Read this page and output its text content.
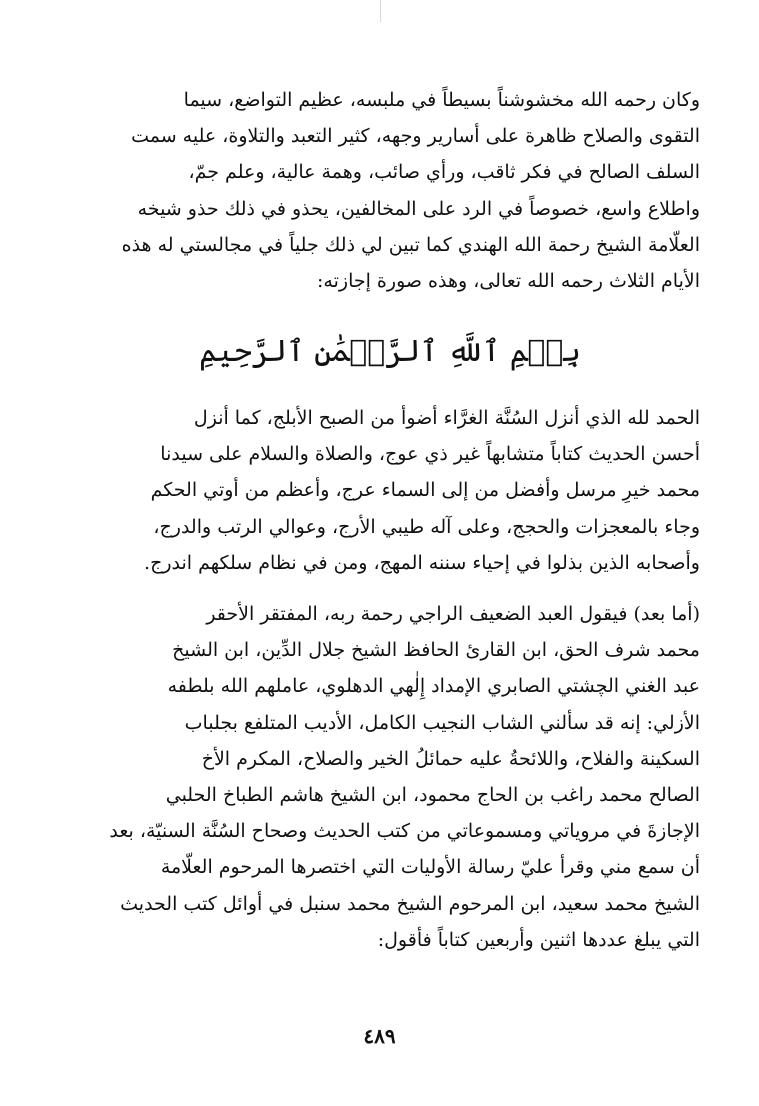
وكان رحمه الله مخشوشناً بسيطاً في ملبسه، عظيم التواضع، سيما
التقوى والصلاح ظاهرة على أسارير وجهه، كثير التعبد والتلاوة، عليه سمت
السلف الصالح في فكر ثاقب، ورأي صائب، وهمة عالية، وعلم جمّ،
واطلاع واسع، خصوصاً في الرد على المخالفين، يحذو في ذلك حذو شيخه
العلّامة الشيخ رحمة الله الهندي كما تبين لي ذلك جلياً في مجالستي له هذه
الأيام الثلاث رحمه الله تعالى، وهذه صورة إجازته:
بِسۡمِ ٱللَّهِ ٱلرَّحۡمَٰنِ ٱلرَّحِيمِ
الحمد لله الذي أنزل السُنَّة الغرَّاء أضوأ من الصبح الأبلج، كما أنزل
أحسن الحديث كتاباً متشابهاً غير ذي عوج، والصلاة والسلام على سيدنا
محمد خيرِ مرسل وأفضل من إلى السماء عرج، وأعظم من أوتي الحكم
وجاء بالمعجزات والحجج، وعلى آله طيبي الأرج، وعوالي الرتب والدرج،
وأصحابه الذين بذلوا في إحياء سننه المهج، ومن في نظام سلكهم اندرج.
(أما بعد) فيقول العبد الضعيف الراجي رحمة ربه، المفتقر الأحقر
محمد شرف الحق، ابن القارئ الحافظ الشيخ جلال الدِّين، ابن الشيخ
عبد الغني الچشتي الصابري الإمداد إِلٰهي الدهلوي، عاملهم الله بلطفه
الأزلي: إنه قد سألني الشاب النجيب الكامل، الأديب المتلفع بجلباب
السكينة والفلاح، واللائحةُ عليه حمائلُ الخير والصلاح، المكرم الأخ
الصالح محمد راغب بن الحاج محمود، ابن الشيخ هاشم الطباخ الحلبي
الإجازةَ في مروياتي ومسموعاتي من كتب الحديث وصحاح السُنَّة السنيّة، بعد
أن سمع مني وقرأ عليّ رسالة الأوليات التي اختصرها المرحوم العلّامة
الشيخ محمد سعيد، ابن المرحوم الشيخ محمد سنبل في أوائل كتب الحديث
التي يبلغ عددها اثنين وأربعين كتاباً فأقول:
٤٨٩
